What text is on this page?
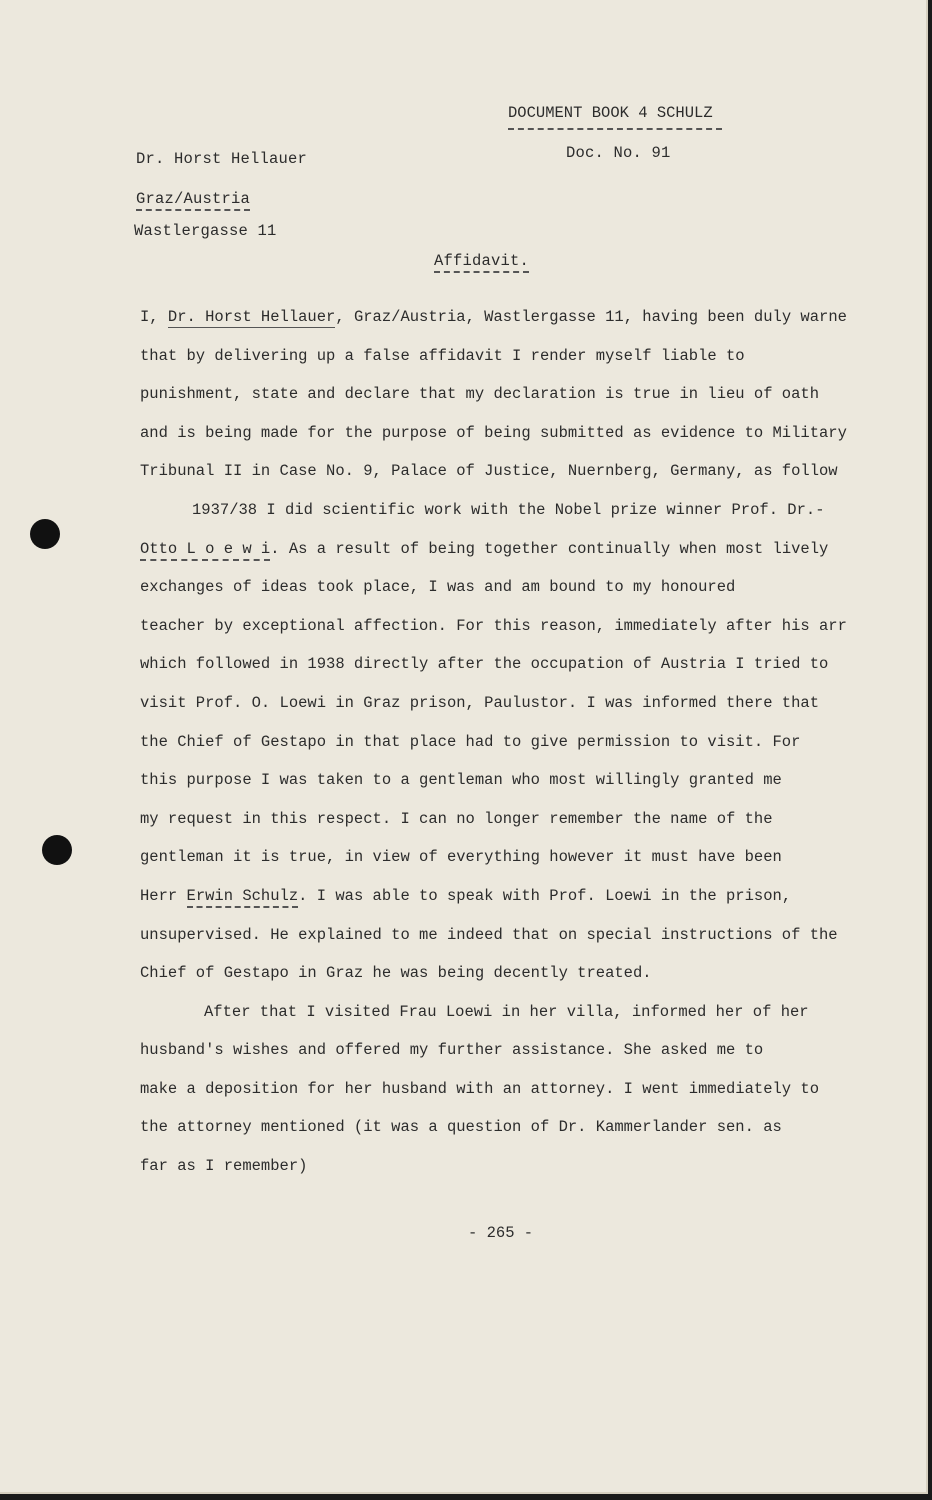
DOCUMENT BOOK 4 SCHULZ
Doc. No. 91
Dr. Horst Hellauer
Graz/Austria
Wastlergasse 11
Affidavit.
I, Dr. Horst Hellauer, Graz/Austria, Wastlergasse 11, having been duly warne
that by delivering up a false affidavit I render myself liable to
punishment, state and declare that my declaration is true in lieu of oath
and is being made for the purpose of being submitted as evidence to Military
Tribunal II in Case No. 9, Palace of Justice, Nuernberg, Germany, as follow
1937/38 I did scientific work with the Nobel prize winner Prof. Dr.-
Otto L o e w i. As a result of being together continually when most lively
exchanges of ideas took place, I was and am bound to my honoured
teacher by exceptional affection. For this reason, immediately after his arr
which followed in 1938 directly after the occupation of Austria I tried to
visit Prof. O. Loewi in Graz prison, Paulustor. I was informed there that
the Chief of Gestapo in that place had to give permission to visit. For
this purpose I was taken to a gentleman who most willingly granted me
my request in this respect. I can no longer remember the name of the
gentleman it is true, in view of everything however it must have been
Herr Erwin Schulz. I was able to speak with Prof. Loewi in the prison,
unsupervised. He explained to me indeed that on special instructions of the
Chief of Gestapo in Graz he was being decently treated.
After that I visited Frau Loewi in her villa, informed her of her
husband's wishes and offered my further assistance. She asked me to
make a deposition for her husband with an attorney. I went immediately to
the attorney mentioned (it was a question of Dr. Kammerlander sen. as
far as I remember)
- 265 -
